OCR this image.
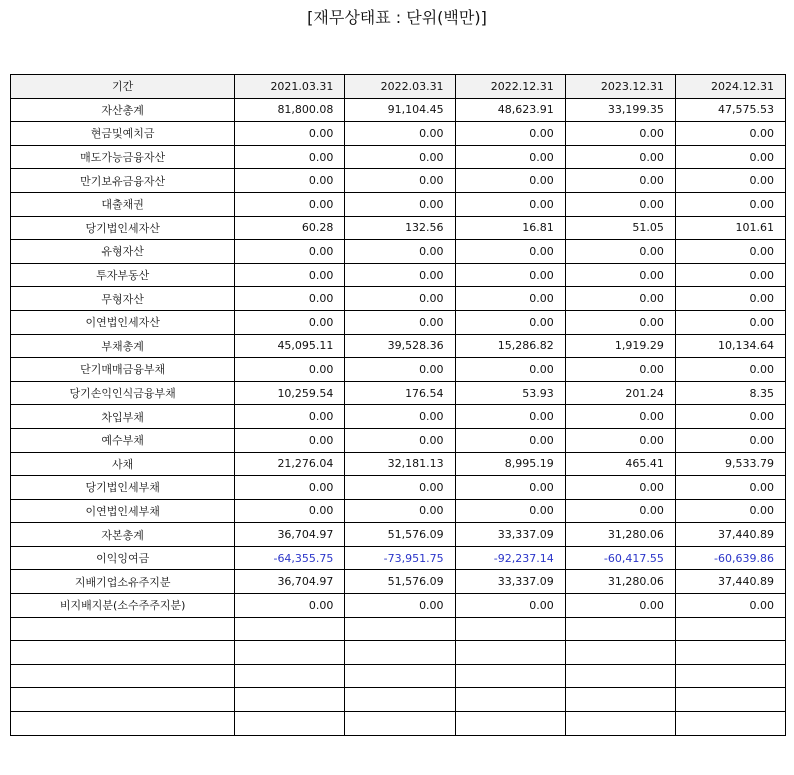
[재무상태표 : 단위(백만)]
기간	2021.03.31	2022.03.31	2022.12.31	2023.12.31	2024.12.31
자산총계	81,800.08	91,104.45	48,623.91	33,199.35	47,575.53
현금및예치금	0.00	0.00	0.00	0.00	0.00
매도가능금융자산	0.00	0.00	0.00	0.00	0.00
만기보유금융자산	0.00	0.00	0.00	0.00	0.00
대출채권	0.00	0.00	0.00	0.00	0.00
당기법인세자산	60.28	132.56	16.81	51.05	101.61
유형자산	0.00	0.00	0.00	0.00	0.00
투자부동산	0.00	0.00	0.00	0.00	0.00
무형자산	0.00	0.00	0.00	0.00	0.00
이연법인세자산	0.00	0.00	0.00	0.00	0.00
부채총계	45,095.11	39,528.36	15,286.82	1,919.29	10,134.64
단기매매금융부채	0.00	0.00	0.00	0.00	0.00
당기손익인식금융부채	10,259.54	176.54	53.93	201.24	8.35
차입부채	0.00	0.00	0.00	0.00	0.00
예수부채	0.00	0.00	0.00	0.00	0.00
사채	21,276.04	32,181.13	8,995.19	465.41	9,533.79
당기법인세부채	0.00	0.00	0.00	0.00	0.00
이연법인세부채	0.00	0.00	0.00	0.00	0.00
자본총계	36,704.97	51,576.09	33,337.09	31,280.06	37,440.89
이익잉여금	-64,355.75	-73,951.75	-92,237.14	-60,417.55	-60,639.86
지배기업소유주지분	36,704.97	51,576.09	33,337.09	31,280.06	37,440.89
비지배지분(소수주주지분)	0.00	0.00	0.00	0.00	0.00
